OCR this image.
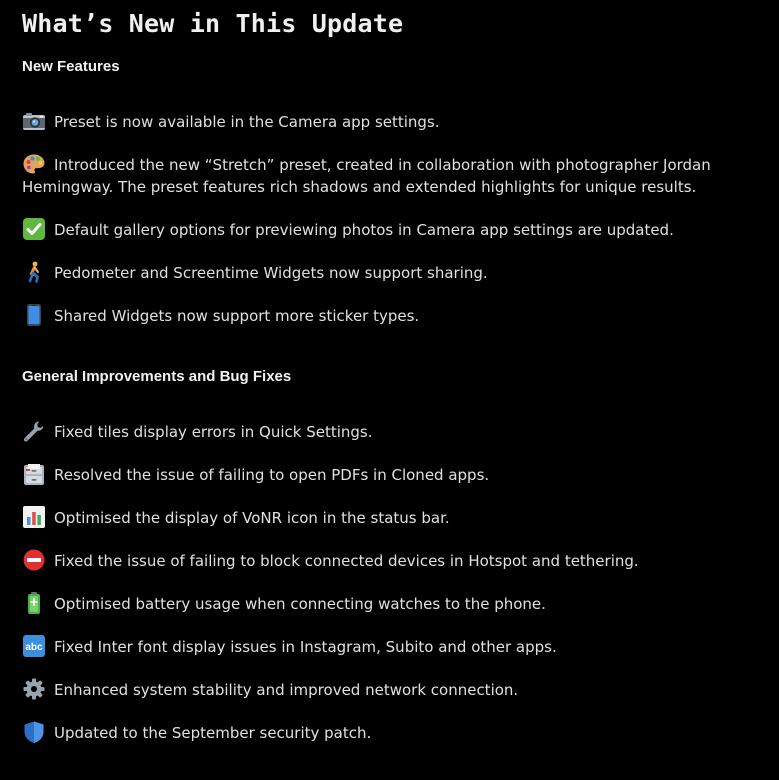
What’s New in This Update
New Features
Preset is now available in the Camera app settings.
Introduced the new “Stretch” preset, created in collaboration with photographer Jordan Hemingway. The preset features rich shadows and extended highlights for unique results.
Default gallery options for previewing photos in Camera app settings are updated.
Pedometer and Screentime Widgets now support sharing.
Shared Widgets now support more sticker types.
General Improvements and Bug Fixes
Fixed tiles display errors in Quick Settings.
Resolved the issue of failing to open PDFs in Cloned apps.
Optimised the display of VoNR icon in the status bar.
Fixed the issue of failing to block connected devices in Hotspot and tethering.
Optimised battery usage when connecting watches to the phone.
abc Fixed Inter font display issues in Instagram, Subito and other apps.
Enhanced system stability and improved network connection.
Updated to the September security patch.
